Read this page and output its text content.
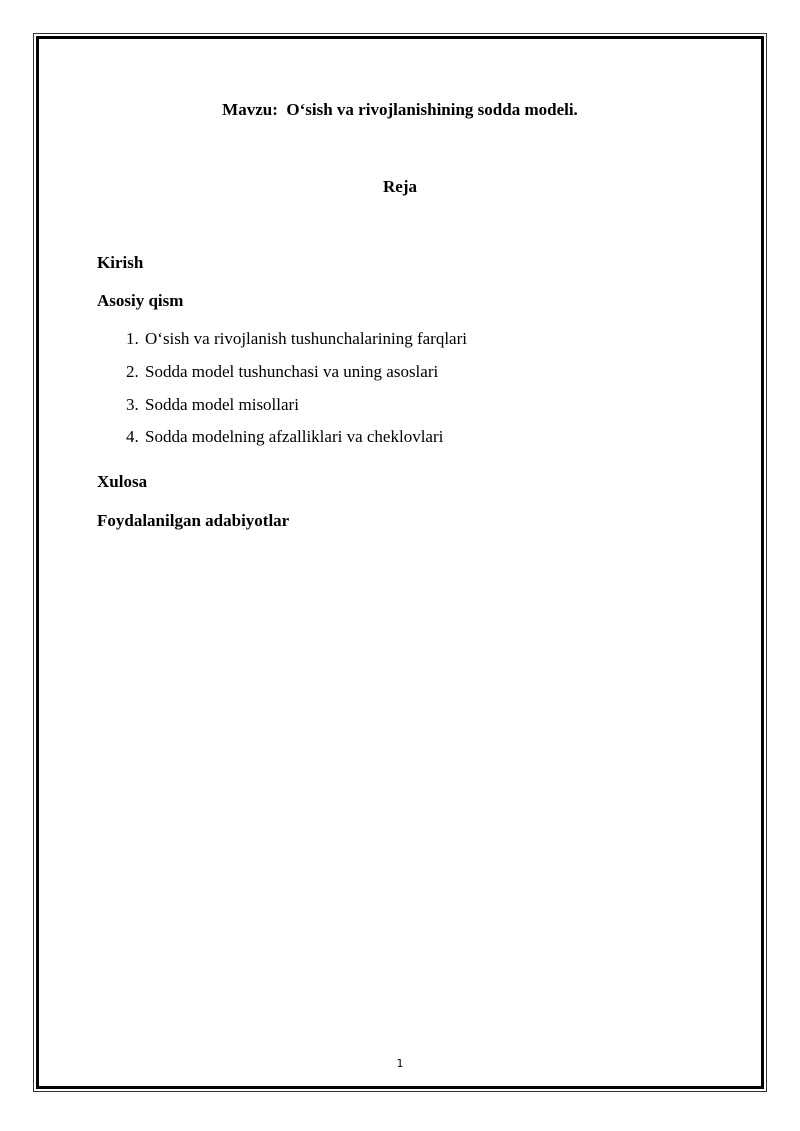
Mavzu:  O‘sish va rivojlanishining sodda modeli.
Reja
Kirish
Asosiy qism
1. O‘sish va rivojlanish tushunchalarining farqlari
2. Sodda model tushunchasi va uning asoslari
3. Sodda model misollari
4. Sodda modelning afzalliklari va cheklovlari
Xulosa
Foydalanilgan adabiyotlar
1
